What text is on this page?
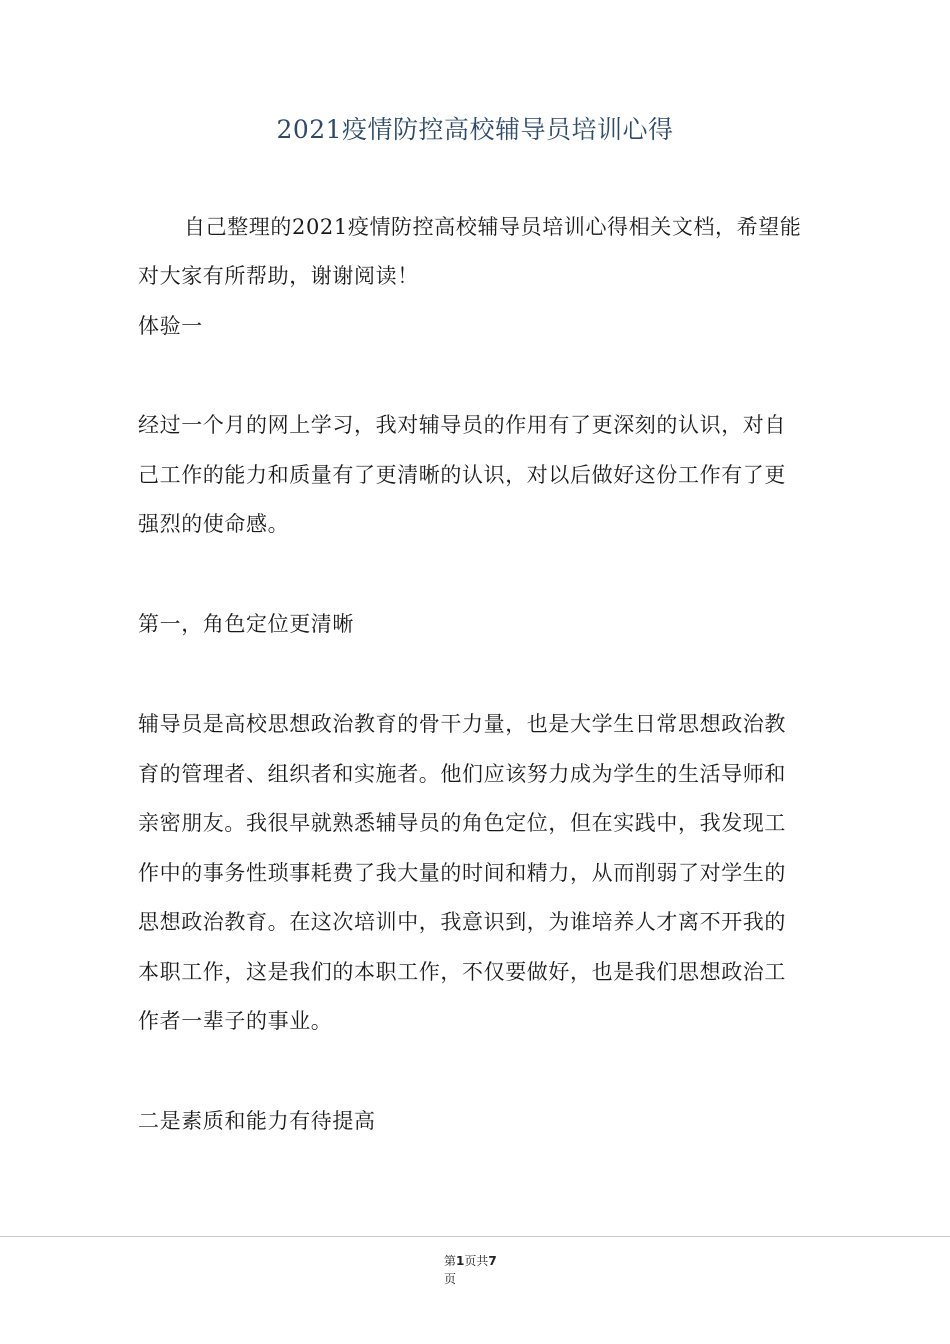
2021疫情防控高校辅导员培训心得
自己整理的2021疫情防控高校辅导员培训心得相关文档，希望能
对大家有所帮助，谢谢阅读！
体验一
经过一个月的网上学习，我对辅导员的作用有了更深刻的认识，对自
己工作的能力和质量有了更清晰的认识，对以后做好这份工作有了更
强烈的使命感。
第一，角色定位更清晰
辅导员是高校思想政治教育的骨干力量，也是大学生日常思想政治教
育的管理者、组织者和实施者。他们应该努力成为学生的生活导师和
亲密朋友。我很早就熟悉辅导员的角色定位，但在实践中，我发现工
作中的事务性琐事耗费了我大量的时间和精力，从而削弱了对学生的
思想政治教育。在这次培训中，我意识到，为谁培养人才离不开我的
本职工作，这是我们的本职工作，不仅要做好，也是我们思想政治工
作者一辈子的事业。
二是素质和能力有待提高
第1页共7
页
